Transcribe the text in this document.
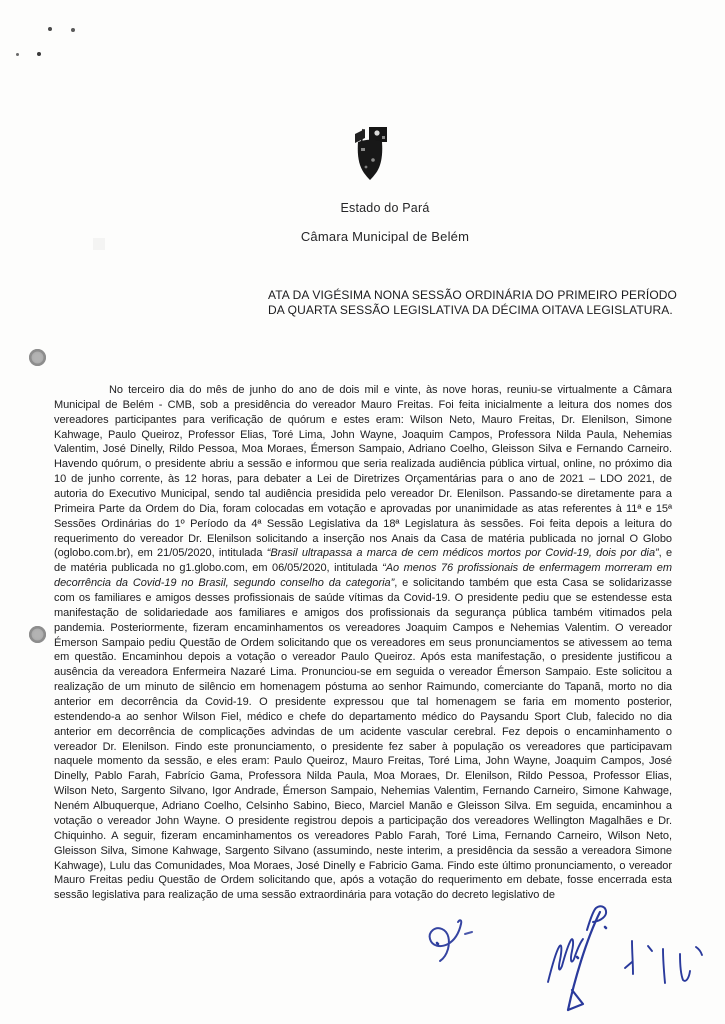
Estado do Pará
Câmara Municipal de Belém
ATA DA VIGÉSIMA NONA SESSÃO ORDINÁRIA DO PRIMEIRO PERÍODO DA QUARTA SESSÃO LEGISLATIVA DA DÉCIMA OITAVA LEGISLATURA.

No terceiro dia do mês de junho do ano de dois mil e vinte, às nove horas, reuniu-se virtualmente a Câmara Municipal de Belém - CMB, sob a presidência do vereador Mauro Freitas. Foi feita inicialmente a leitura dos nomes dos vereadores participantes para verificação de quórum e estes eram: Wilson Neto, Mauro Freitas, Dr. Elenilson, Simone Kahwage, Paulo Queiroz, Professor Elias, Toré Lima, John Wayne, Joaquim Campos, Professora Nilda Paula, Nehemias Valentim, José Dinelly, Rildo Pessoa, Moa Moraes, Émerson Sampaio, Adriano Coelho, Gleisson Silva e Fernando Carneiro. Havendo quórum, o presidente abriu a sessão e informou que seria realizada audiência pública virtual, online, no próximo dia 10 de junho corrente, às 12 horas, para debater a Lei de Diretrizes Orçamentárias para o ano de 2021 – LDO 2021, de autoria do Executivo Municipal, sendo tal audiência presidida pelo vereador Dr. Elenilson. Passando-se diretamente para a Primeira Parte da Ordem do Dia, foram colocadas em votação e aprovadas por unanimidade as atas referentes à 11ª e 15ª Sessões Ordinárias do 1º Período da 4ª Sessão Legislativa da 18ª Legislatura às sessões. Foi feita depois a leitura do requerimento do vereador Dr. Elenilson solicitando a inserção nos Anais da Casa de matéria publicada no jornal O Globo (oglobo.com.br), em 21/05/2020, intitulada “Brasil ultrapassa a marca de cem médicos mortos por Covid-19, dois por dia”, e de matéria publicada no g1.globo.com, em 06/05/2020, intitulada “Ao menos 76 profissionais de enfermagem morreram em decorrência da Covid-19 no Brasil, segundo conselho da categoria”, e solicitando também que esta Casa se solidarizasse com os familiares e amigos desses profissionais de saúde vítimas da Covid-19. O presidente pediu que se estendesse esta manifestação de solidariedade aos familiares e amigos dos profissionais da segurança pública também vitimados pela pandemia. Posteriormente, fizeram encaminhamentos os vereadores Joaquim Campos e Nehemias Valentim. O vereador Émerson Sampaio pediu Questão de Ordem solicitando que os vereadores em seus pronunciamentos se ativessem ao tema em questão. Encaminhou depois a votação o vereador Paulo Queiroz. Após esta manifestação, o presidente justificou a ausência da vereadora Enfermeira Nazaré Lima. Pronunciou-se em seguida o vereador Émerson Sampaio. Este solicitou a realização de um minuto de silêncio em homenagem póstuma ao senhor Raimundo, comerciante do Tapanã, morto no dia anterior em decorrência da Covid-19. O presidente expressou que tal homenagem se faria em momento posterior, estendendo-a ao senhor Wilson Fiel, médico e chefe do departamento médico do Paysandu Sport Club, falecido no dia anterior em decorrência de complicações advindas de um acidente vascular cerebral. Fez depois o encaminhamento o vereador Dr. Elenilson. Findo este pronunciamento, o presidente fez saber à população os vereadores que participavam naquele momento da sessão, e eles eram: Paulo Queiroz, Mauro Freitas, Toré Lima, John Wayne, Joaquim Campos, José Dinelly, Pablo Farah, Fabrício Gama, Professora Nilda Paula, Moa Moraes, Dr. Elenilson, Rildo Pessoa, Professor Elias, Wilson Neto, Sargento Silvano, Igor Andrade, Émerson Sampaio, Nehemias Valentim, Fernando Carneiro, Simone Kahwage, Neném Albuquerque, Adriano Coelho, Celsinho Sabino, Bieco, Marciel Manão e Gleisson Silva. Em seguida, encaminhou a votação o vereador John Wayne. O presidente registrou depois a participação dos vereadores Wellington Magalhães e Dr. Chiquinho. A seguir, fizeram encaminhamentos os vereadores Pablo Farah, Toré Lima, Fernando Carneiro, Wilson Neto, Gleisson Silva, Simone Kahwage, Sargento Silvano (assumindo, neste interim, a presidência da sessão a vereadora Simone Kahwage), Lulu das Comunidades, Moa Moraes, José Dinelly e Fabricio Gama. Findo este último pronunciamento, o vereador Mauro Freitas pediu Questão de Ordem solicitando que, após a votação do requerimento em debate, fosse encerrada esta sessão legislativa para realização de uma sessão extraordinária para votação do decreto legislativo de
